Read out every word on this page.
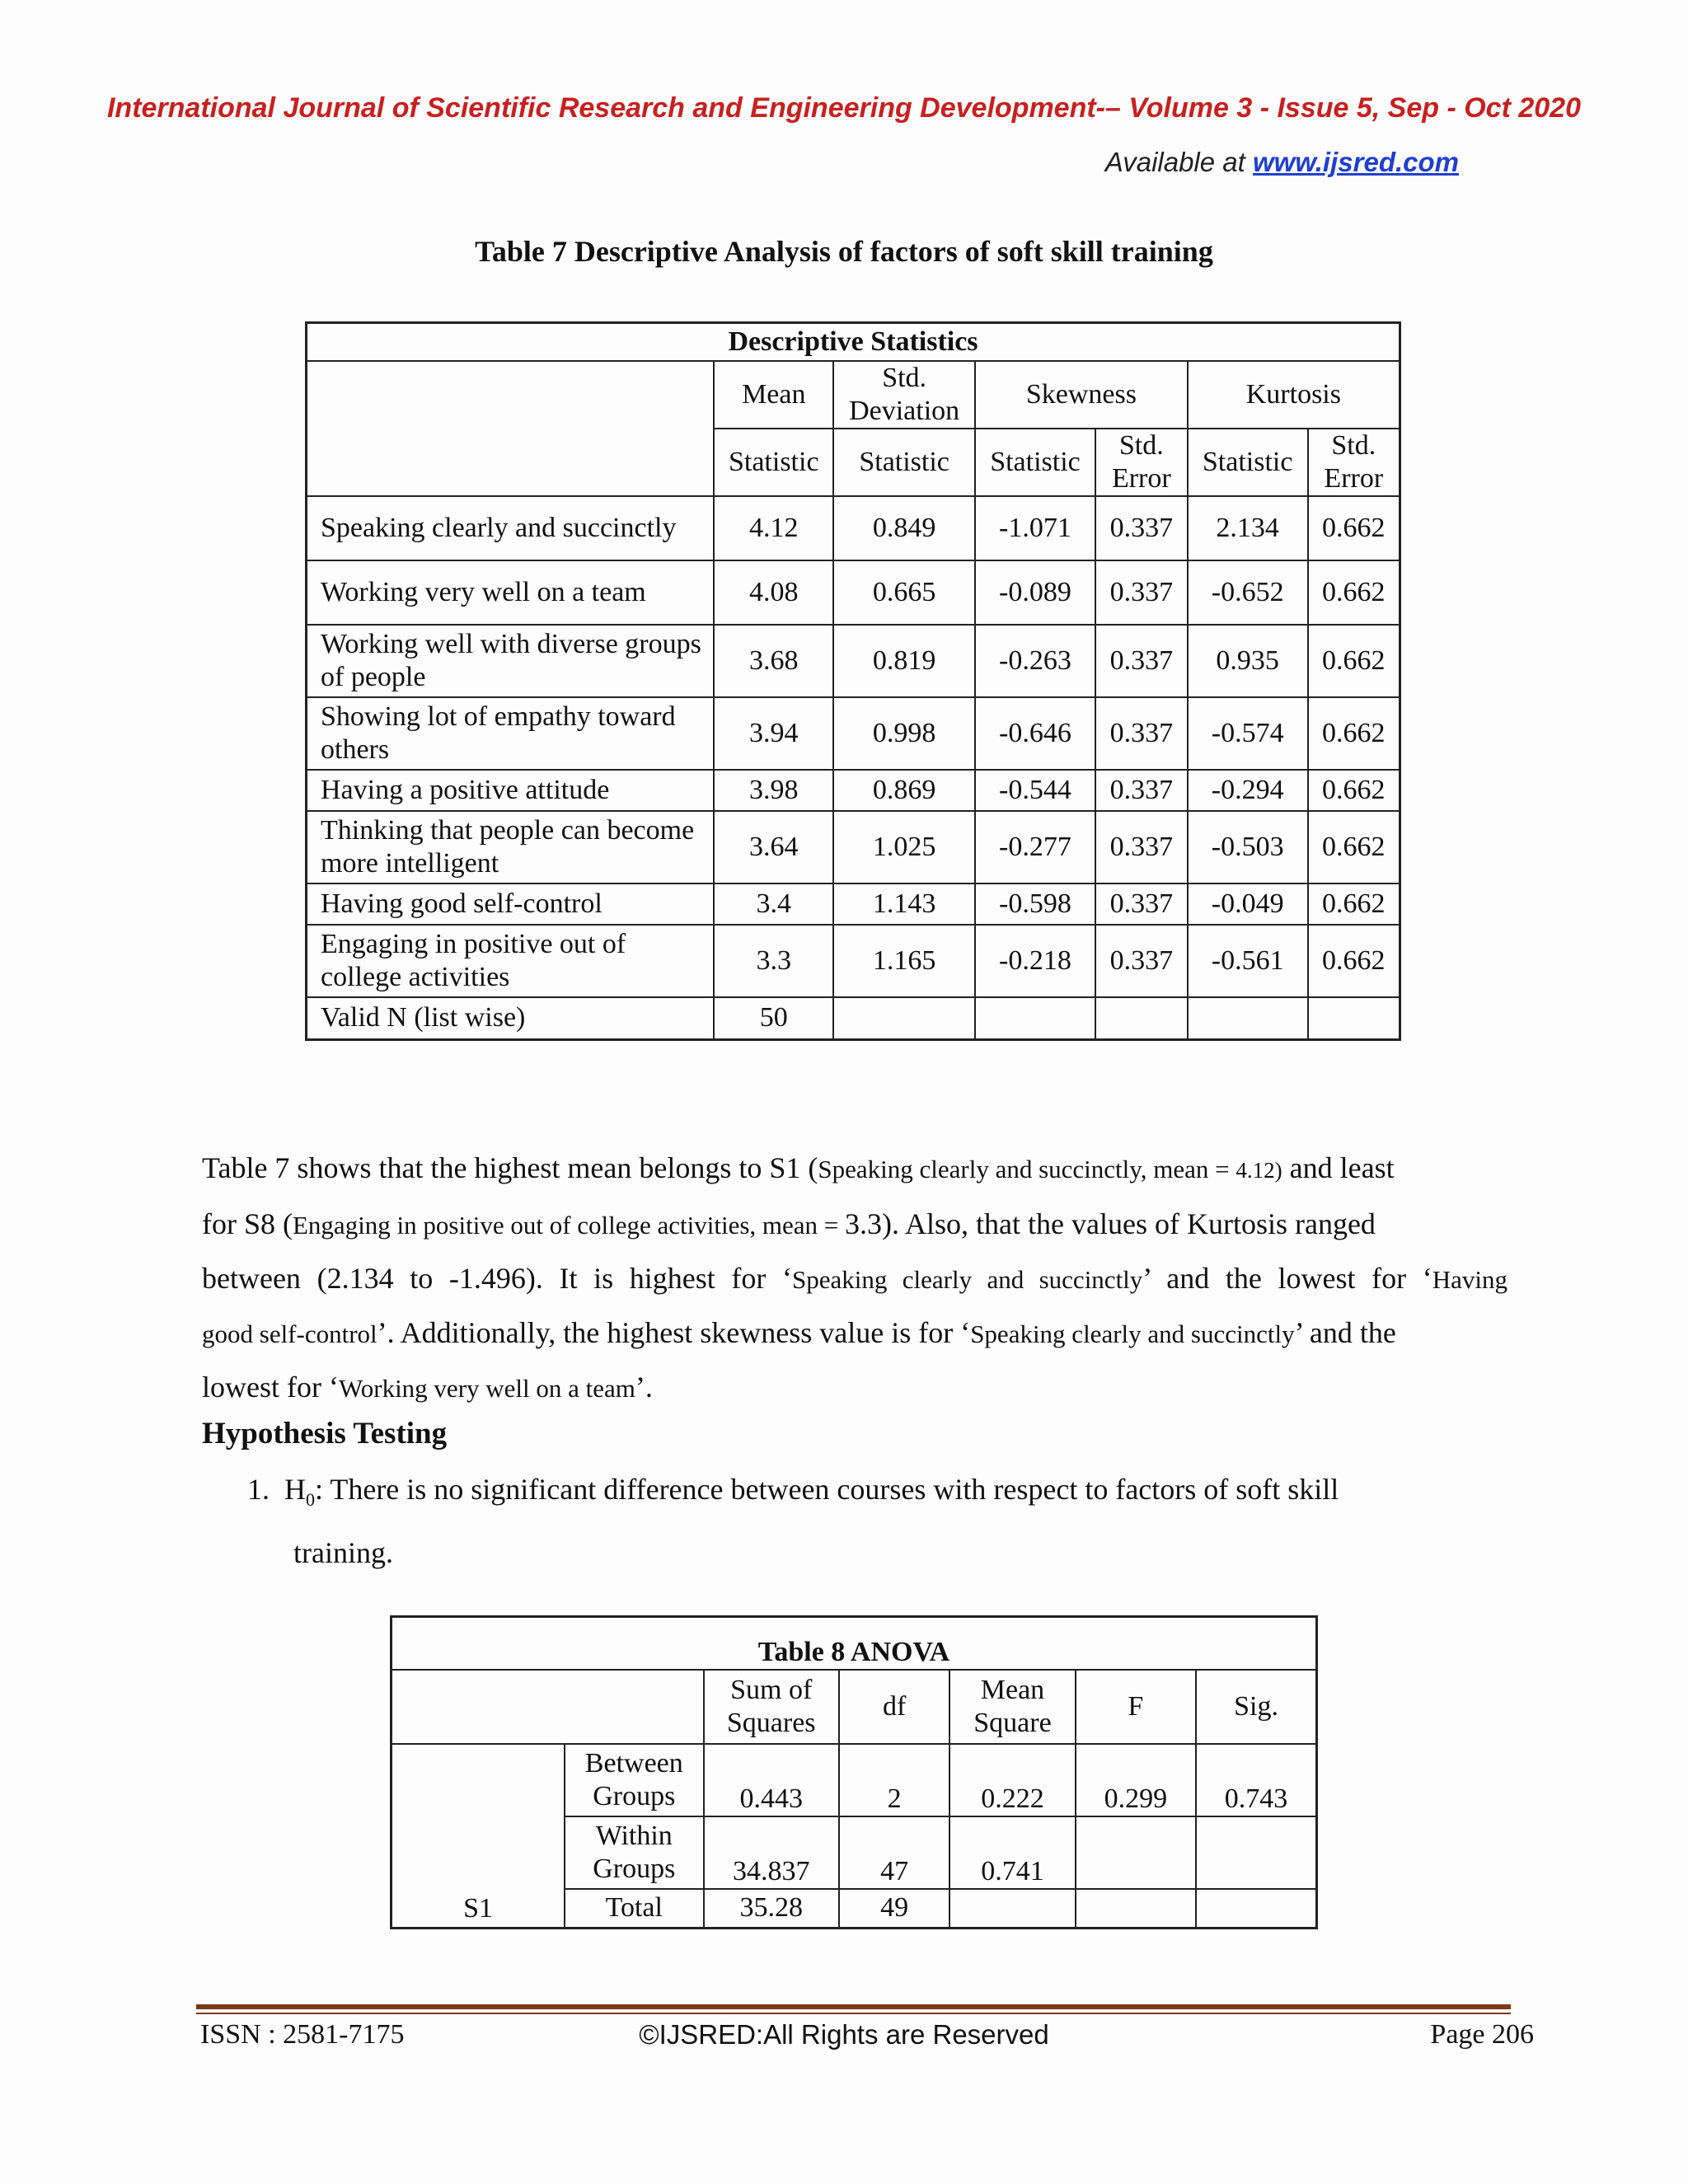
International Journal of Scientific Research and Engineering Development-– Volume 3 - Issue 5, Sep - Oct 2020
Available at www.ijsred.com
Table 7 Descriptive Analysis of factors of soft skill training
Descriptive Statistics						
	Mean	Std. Deviation	Skewness		Kurtosis	
	Statistic	Statistic	Statistic	Std. Error	Statistic	Std. Error
Speaking clearly and succinctly	4.12	0.849	-1.071	0.337	2.134	0.662
Working very well on a team	4.08	0.665	-0.089	0.337	-0.652	0.662
Working well with diverse groups of people	3.68	0.819	-0.263	0.337	0.935	0.662
Showing lot of empathy toward others	3.94	0.998	-0.646	0.337	-0.574	0.662
Having a positive attitude	3.98	0.869	-0.544	0.337	-0.294	0.662
Thinking that people can become more intelligent	3.64	1.025	-0.277	0.337	-0.503	0.662
Having good self-control	3.4	1.143	-0.598	0.337	-0.049	0.662
Engaging in positive out of college activities	3.3	1.165	-0.218	0.337	-0.561	0.662
Valid N (list wise)	50					
Table 7 shows that the highest mean belongs to S1 (Speaking clearly and succinctly, mean = 4.12) and least
for S8 (Engaging in positive out of college activities, mean = 3.3). Also, that the values of Kurtosis ranged
between (2.134 to -1.496). It is highest for ‘Speaking clearly and succinctly’ and the lowest for ‘Having
good self-control’. Additionally, the highest skewness value is for ‘Speaking clearly and succinctly’ and the
lowest for ‘Working very well on a team’.
Hypothesis Testing
1. $H_0$: There is no significant difference between courses with respect to factors of soft skill
training.
Table 8 ANOVA						
		Sum of Squares	df	Mean Square	F	Sig.
S1	Between Groups	0.443	2	0.222	0.299	0.743
	Within Groups	34.837	47	0.741		
	Total	35.28	49			
ISSN : 2581-7175	©IJSRED:All Rights are Reserved	Page 206
